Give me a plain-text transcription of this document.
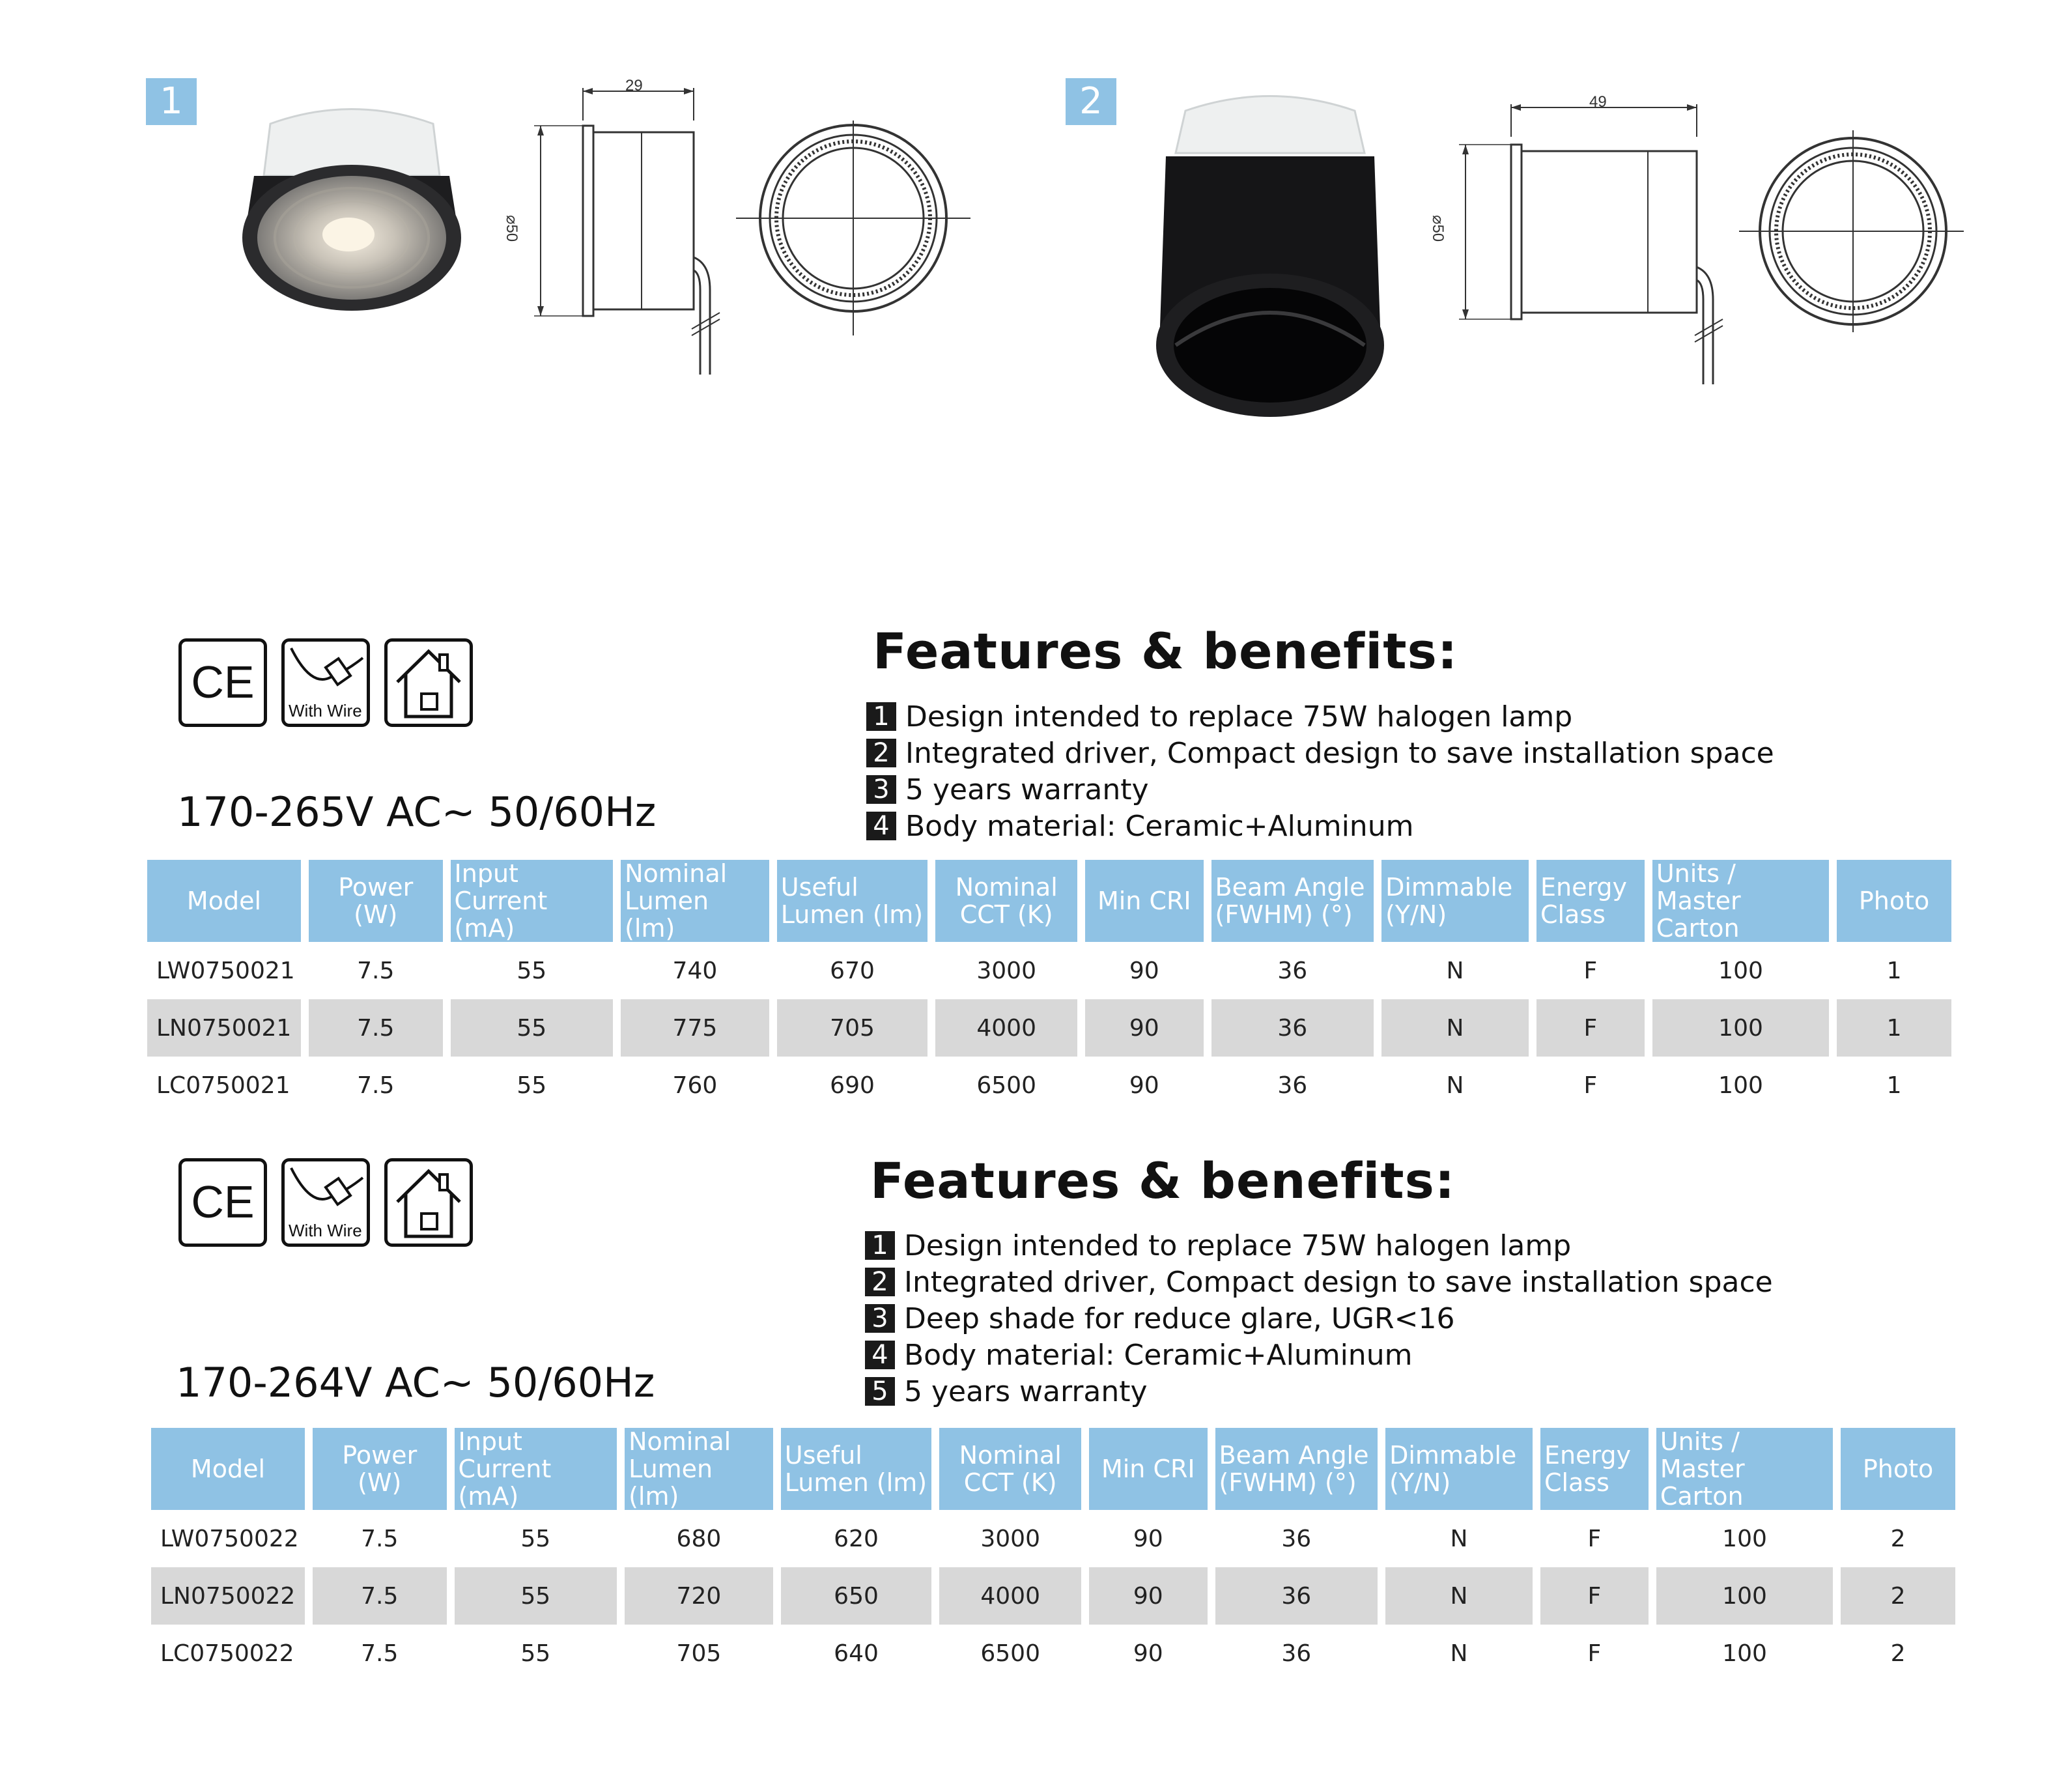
1	29
⌀50
2	49
⌀50
CE
With Wire
170-265V AC~ 50/60Hz
Features & benefits:
1 Design intended to replace 75W halogen lamp
2 Integrated driver, Compact design to save installation space
3 5 years warranty
4 Body material: Ceramic+Aluminum
Model	Power (W)	Input Current (mA)	Nominal Lumen (lm)	Useful Lumen (lm)	Nominal CCT (K)	Min CRI	Beam Angle (FWHM) (°)	Dimmable (Y/N)	Energy Class	Units / Master Carton	Photo
LW0750021	7.5	55	740	670	3000	90	36	N	F	100	1
LN0750021	7.5	55	775	705	4000	90	36	N	F	100	1
LC0750021	7.5	55	760	690	6500	90	36	N	F	100	1
CE
With Wire
170-264V AC~ 50/60Hz
Features & benefits:
1 Design intended to replace 75W halogen lamp
2 Integrated driver, Compact design to save installation space
3 Deep shade for reduce glare, UGR<16
4 Body material: Ceramic+Aluminum
5 5 years warranty
Model	Power (W)	Input Current (mA)	Nominal Lumen (lm)	Useful Lumen (lm)	Nominal CCT (K)	Min CRI	Beam Angle (FWHM) (°)	Dimmable (Y/N)	Energy Class	Units / Master Carton	Photo
LW0750022	7.5	55	680	620	3000	90	36	N	F	100	2
LN0750022	7.5	55	720	650	4000	90	36	N	F	100	2
LC0750022	7.5	55	705	640	6500	90	36	N	F	100	2
